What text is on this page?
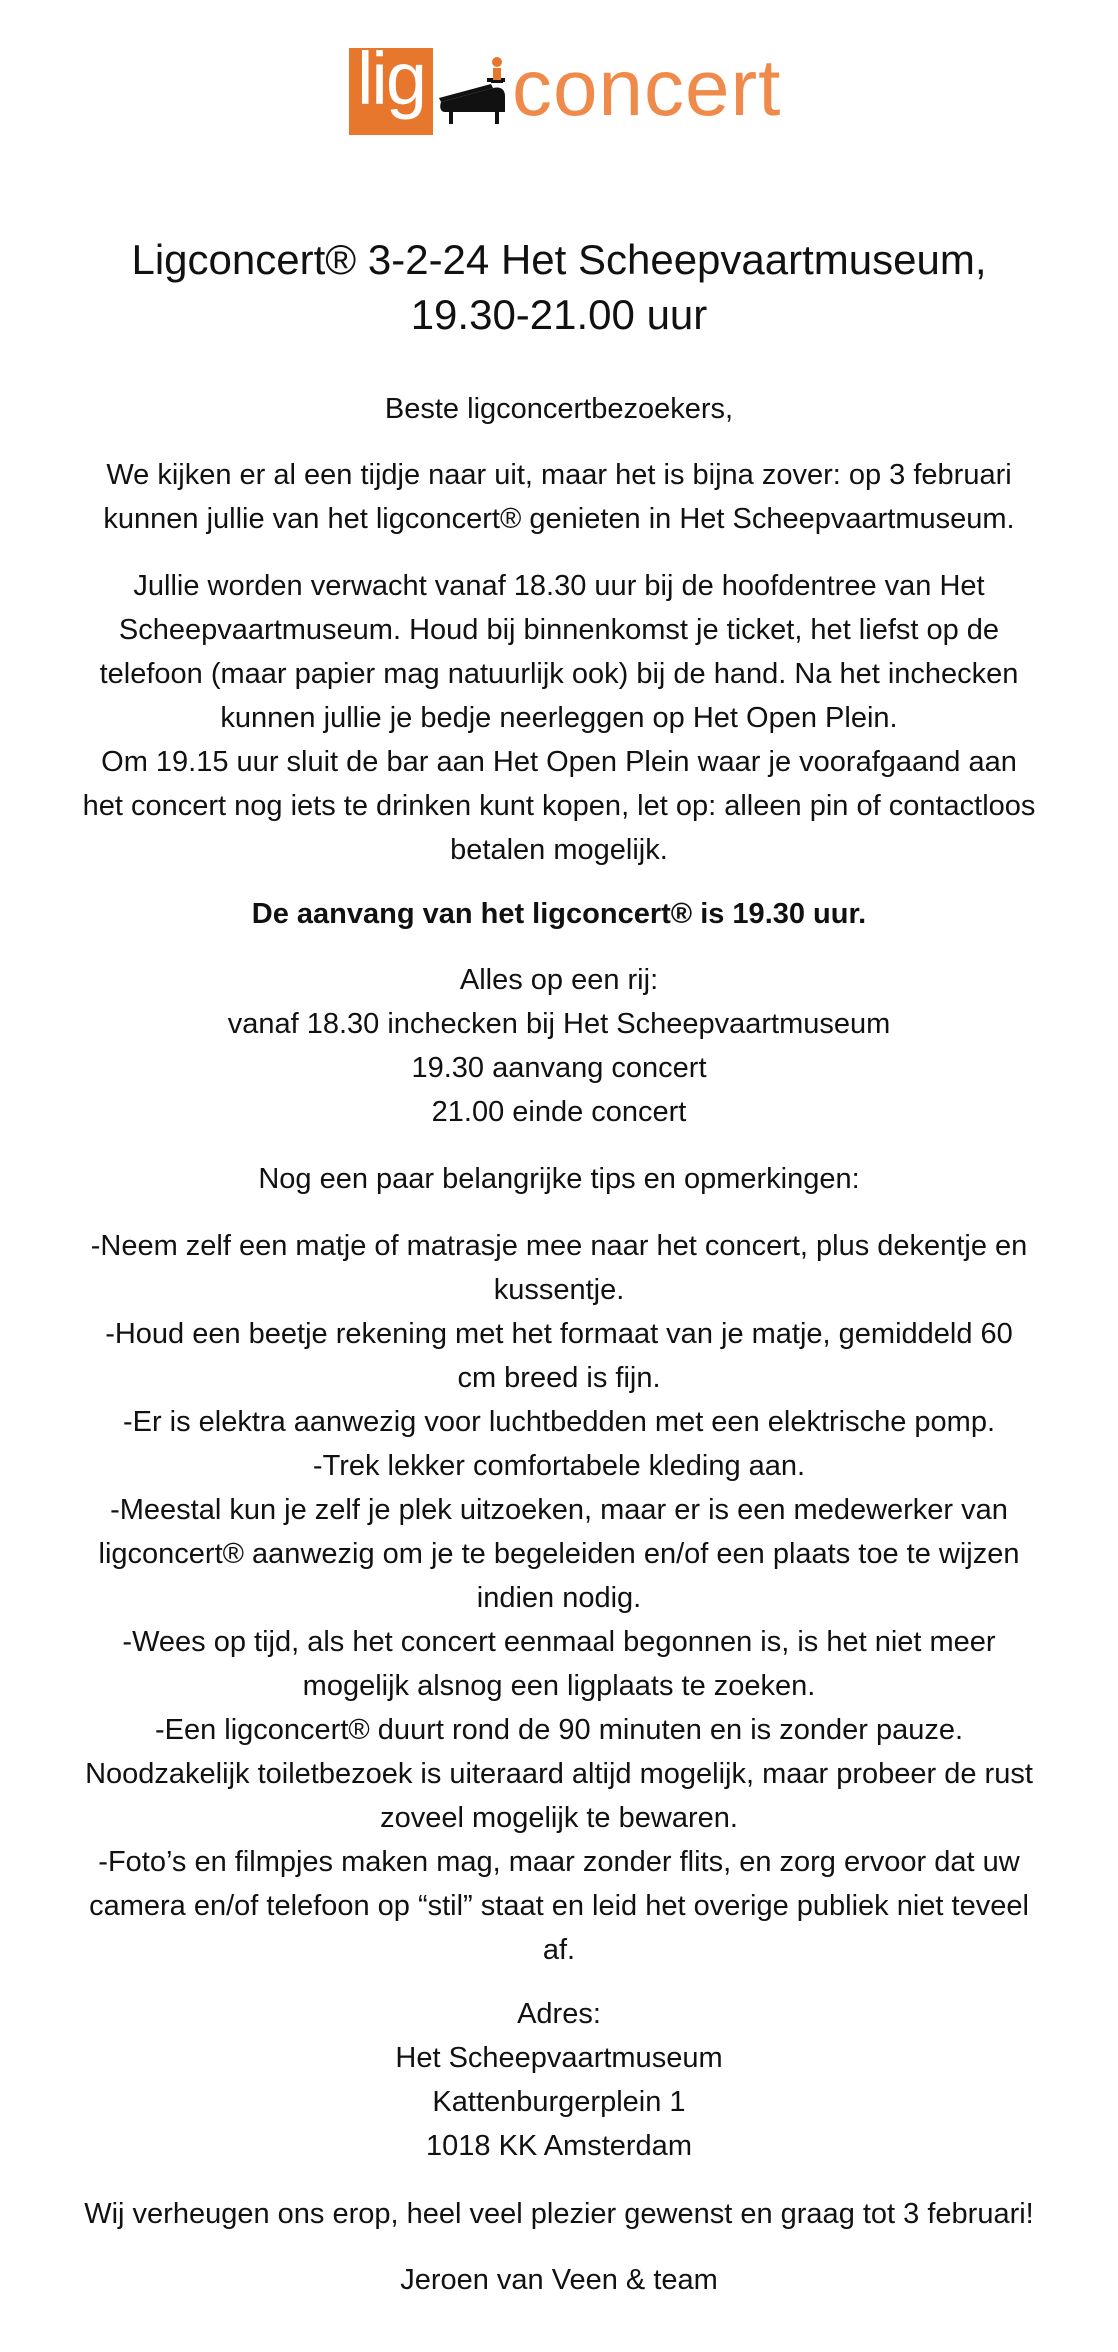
lig concert
Ligconcert® 3-2-24 Het Scheepvaartmuseum,
19.30-21.00 uur
Beste ligconcertbezoekers,
We kijken er al een tijdje naar uit, maar het is bijna zover: op 3 februari
kunnen jullie van het ligconcert® genieten in Het Scheepvaartmuseum.
Jullie worden verwacht vanaf 18.30 uur bij de hoofdentree van Het
Scheepvaartmuseum. Houd bij binnenkomst je ticket, het liefst op de
telefoon (maar papier mag natuurlijk ook) bij de hand. Na het inchecken
kunnen jullie je bedje neerleggen op Het Open Plein.
Om 19.15 uur sluit de bar aan Het Open Plein waar je voorafgaand aan
het concert nog iets te drinken kunt kopen, let op: alleen pin of contactloos
betalen mogelijk.
De aanvang van het ligconcert® is 19.30 uur.
Alles op een rij:
vanaf 18.30 inchecken bij Het Scheepvaartmuseum
19.30 aanvang concert
21.00 einde concert
Nog een paar belangrijke tips en opmerkingen:
-Neem zelf een matje of matrasje mee naar het concert, plus dekentje en
kussentje.
-Houd een beetje rekening met het formaat van je matje, gemiddeld 60
cm breed is fijn.
-Er is elektra aanwezig voor luchtbedden met een elektrische pomp.
-Trek lekker comfortabele kleding aan.
-Meestal kun je zelf je plek uitzoeken, maar er is een medewerker van
ligconcert® aanwezig om je te begeleiden en/of een plaats toe te wijzen
indien nodig.
-Wees op tijd, als het concert eenmaal begonnen is, is het niet meer
mogelijk alsnog een ligplaats te zoeken.
-Een ligconcert® duurt rond de 90 minuten en is zonder pauze.
Noodzakelijk toiletbezoek is uiteraard altijd mogelijk, maar probeer de rust
zoveel mogelijk te bewaren.
-Foto’s en filmpjes maken mag, maar zonder flits, en zorg ervoor dat uw
camera en/of telefoon op “stil” staat en leid het overige publiek niet teveel
af.
Adres:
Het Scheepvaartmuseum
Kattenburgerplein 1
1018 KK Amsterdam
Wij verheugen ons erop, heel veel plezier gewenst en graag tot 3 februari!
Jeroen van Veen & team
